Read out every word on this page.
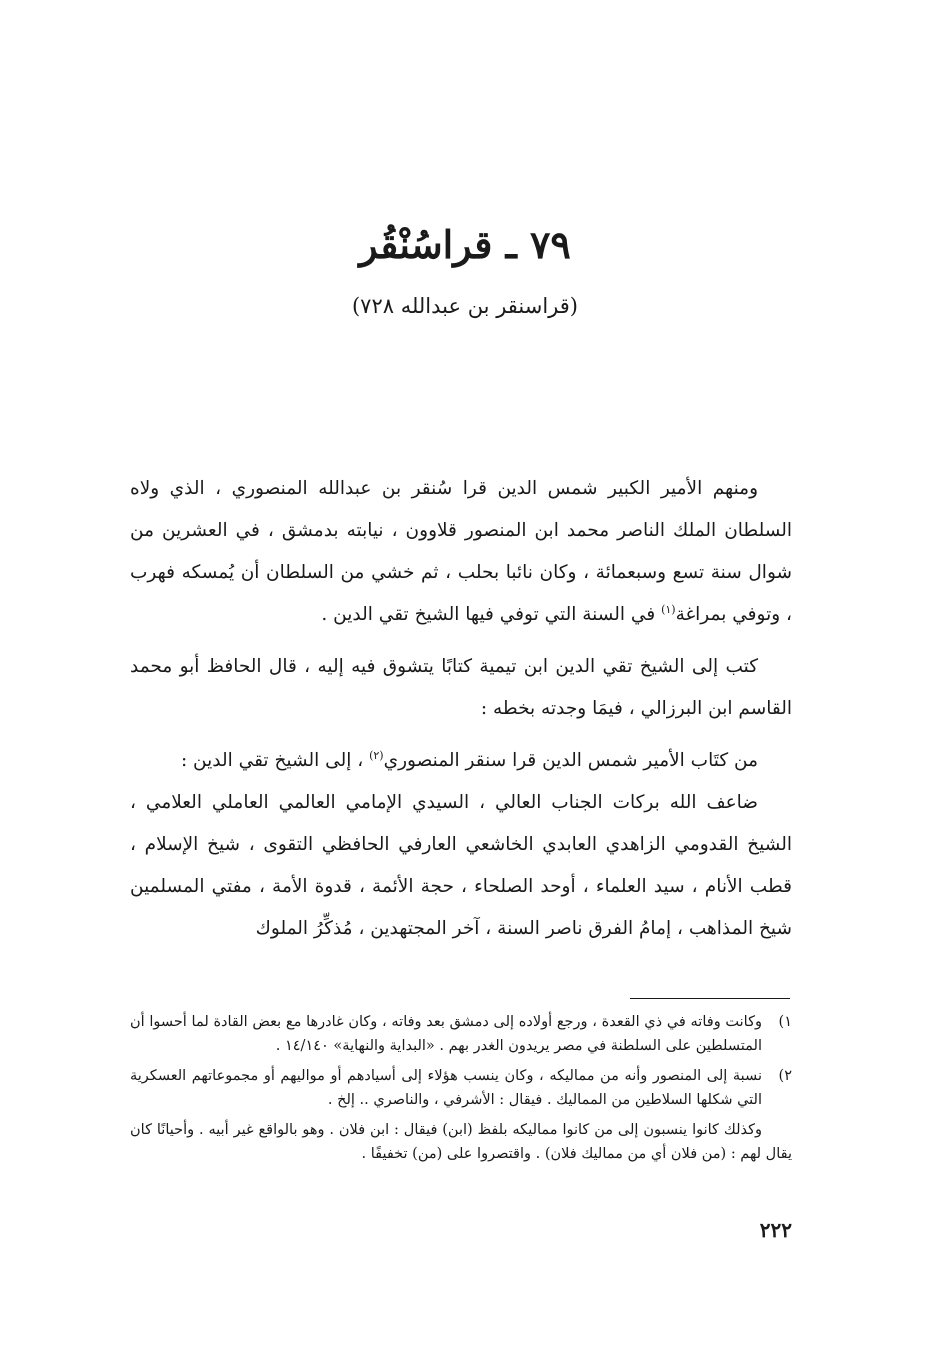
٧٩ ـ قراسُنْقُر

(قراسنقر بن عبدالله ٧٢٨)

ومنهم الأمير الكبير شمس الدين قرا سُنقر بن عبدالله المنصوري ، الذي ولاه السلطان الملك الناصر محمد ابن المنصور قلاوون ، نيابته بدمشق ، في العشرين من شوال سنة تسع وسبعمائة ، وكان نائبا بحلب ، ثم خشي من السلطان أن يُمسكه فهرب ، وتوفي بمراغة$^{(١)}$ في السنة التي توفي فيها الشيخ تقي الدين .

كتب إلى الشيخ تقي الدين ابن تيمية كتابًا يتشوق فيه إليه ، قال الحافظ أبو محمد القاسم ابن البرزالي ، فيمَا وجدته بخطه :

من كتَاب الأمير شمس الدين قرا سنقر المنصوري$^{(٢)}$ ، إلى الشيخ تقي الدين :

ضاعف الله بركات الجناب العالي ، السيدي الإمامي العالمي العاملي العلامي ، الشيخ القدومي الزاهدي العابدي الخاشعي العارفي الحافظي التقوى ، شيخ الإسلام ، قطب الأنام ، سيد العلماء ، أوحد الصلحاء ، حجة الأئمة ، قدوة الأمة ، مفتي المسلمين شيخ المذاهب ، إمامُ الفرق ناصر السنة ، آخر المجتهدين ، مُذكِّرُ الملوك

١)
وكانت وفاته في ذي القعدة ، ورجع أولاده إلى دمشق بعد وفاته ، وكان غادرها مع بعض القادة لما أحسوا أن المتسلطين على السلطنة في مصر يريدون الغدر بهم . «البداية والنهاية» ١٤/١٤٠ .
٢)
نسبة إلى المنصور وأنه من مماليكه ، وكان ينسب هؤلاء إلى أسيادهم أو مواليهم أو مجموعاتهم العسكرية التي شكلها السلاطين من المماليك . فيقال : الأشرفي ، والناصري .. إلخ .

وكذلك كانوا ينسبون إلى من كانوا مماليكه بلفظ (ابن) فيقال : ابن فلان . وهو بالواقع غير أبيه . وأحيانًا كان يقال لهم : (من فلان أي من مماليك فلان) . واقتصروا على (من) تخفيفًا .

٢٢٢
